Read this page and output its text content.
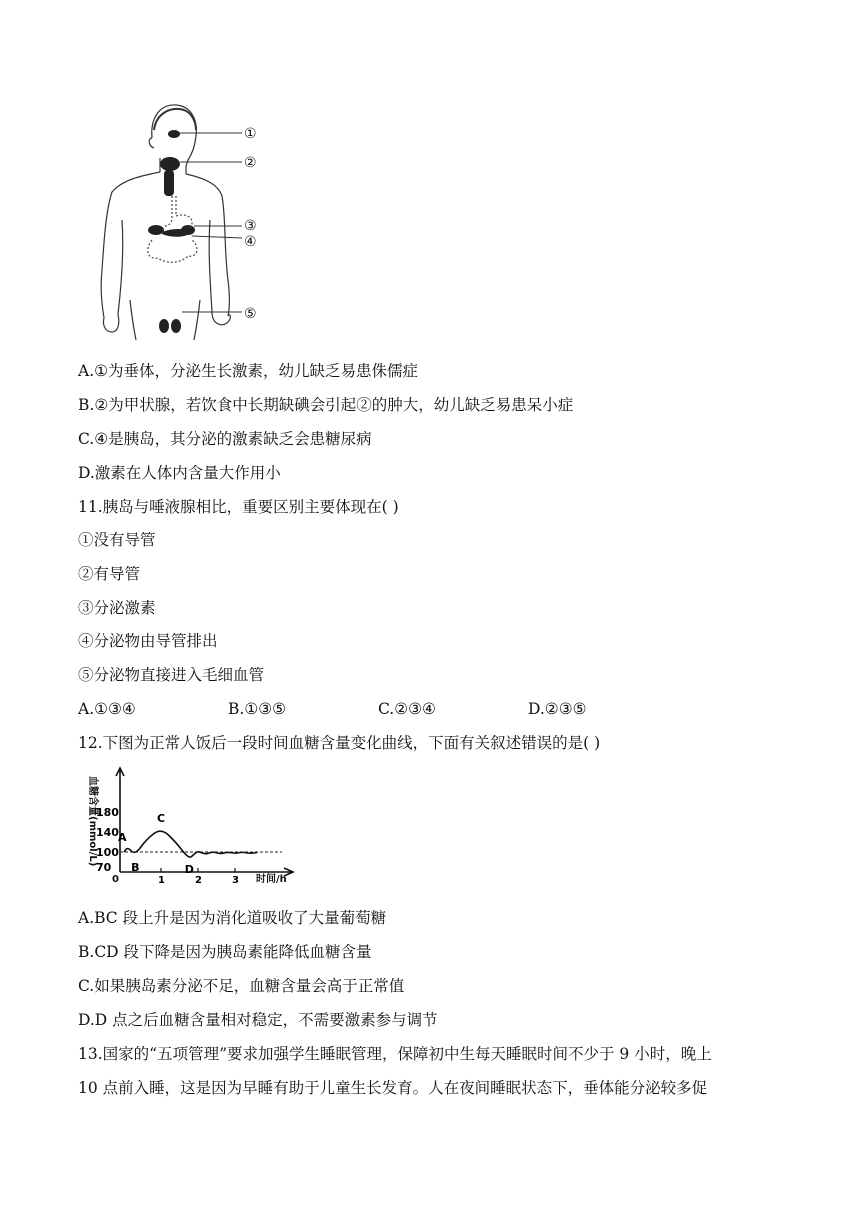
①
②
③
④
⑤
A.①为垂体，分泌生长激素，幼儿缺乏易患侏儒症
B.②为甲状腺，若饮食中长期缺碘会引起②的肿大，幼儿缺乏易患呆小症
C.④是胰岛，其分泌的激素缺乏会患糖尿病
D.激素在人体内含量大作用小
11.胰岛与唾液腺相比，重要区别主要体现在( )
①没有导管
②有导管
③分泌激素
④分泌物由导管排出
⑤分泌物直接进入毛细血管
A.①③④	B.①③⑤	C.②③④	D.②③⑤
12.下图为正常人饭后一段时间血糖含量变化曲线，下面有关叙述错误的是( )
血糖含量(mmol/L)
时间/h
0
70
100
140
180
1	2	3
A
B
C
D
A.BC 段上升是因为消化道吸收了大量葡萄糖
B.CD 段下降是因为胰岛素能降低血糖含量
C.如果胰岛素分泌不足，血糖含量会高于正常值
D.D 点之后血糖含量相对稳定，不需要激素参与调节
13.国家的“五项管理”要求加强学生睡眠管理，保障初中生每天睡眠时间不少于 9 小时，晚上
10 点前入睡，这是因为早睡有助于儿童生长发育。人在夜间睡眠状态下，垂体能分泌较多促
